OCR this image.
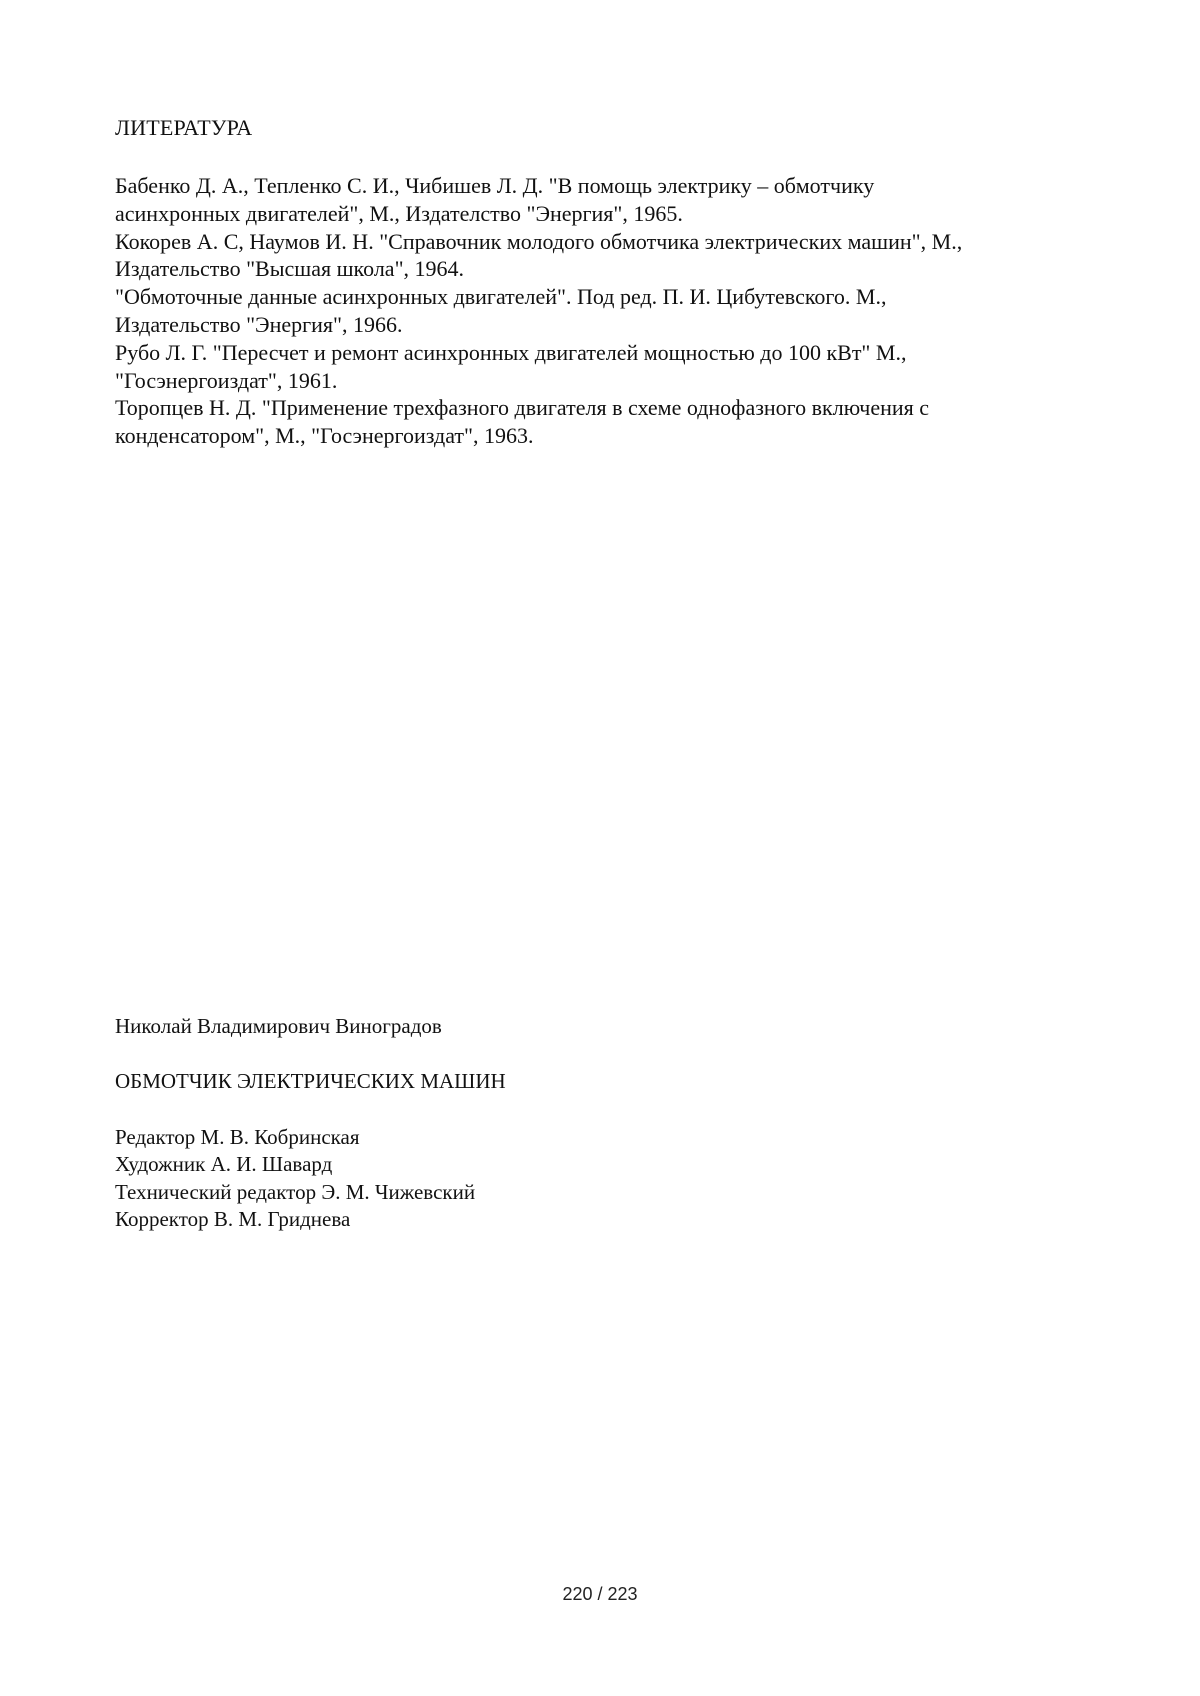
ЛИТЕРАТУРА

Бабенко Д. А., Тепленко С. И., Чибишев Л. Д. "В помощь электрику – обмотчику
асинхронных двигателей", М., Издателство "Энергия", 1965.

Кокорев А. С, Наумов И. Н. "Справочник молодого обмотчика электрических машин", М.,
Издательство "Высшая школа", 1964.

"Обмоточные данные асинхронных двигателей". Под ред. П. И. Цибутевского. М.,
Издательство "Энергия", 1966.

Рубо Л. Г. "Пересчет и ремонт асинхронных двигателей мощностью до 100 кВт" М.,
"Госэнергоиздат", 1961.

Торопцев Н. Д. "Применение трехфазного двигателя в схеме однофазного включения с
конденсатором", М., "Госэнергоиздат", 1963.

Николай Владимирович Виноградов
ОБМОТЧИК ЭЛЕКТРИЧЕСКИХ МАШИН
Редактор М. В. Кобринская
Художник А. И. Шавард
Технический редактор Э. М. Чижевский
Корректор В. М. Гриднева
220 / 223
